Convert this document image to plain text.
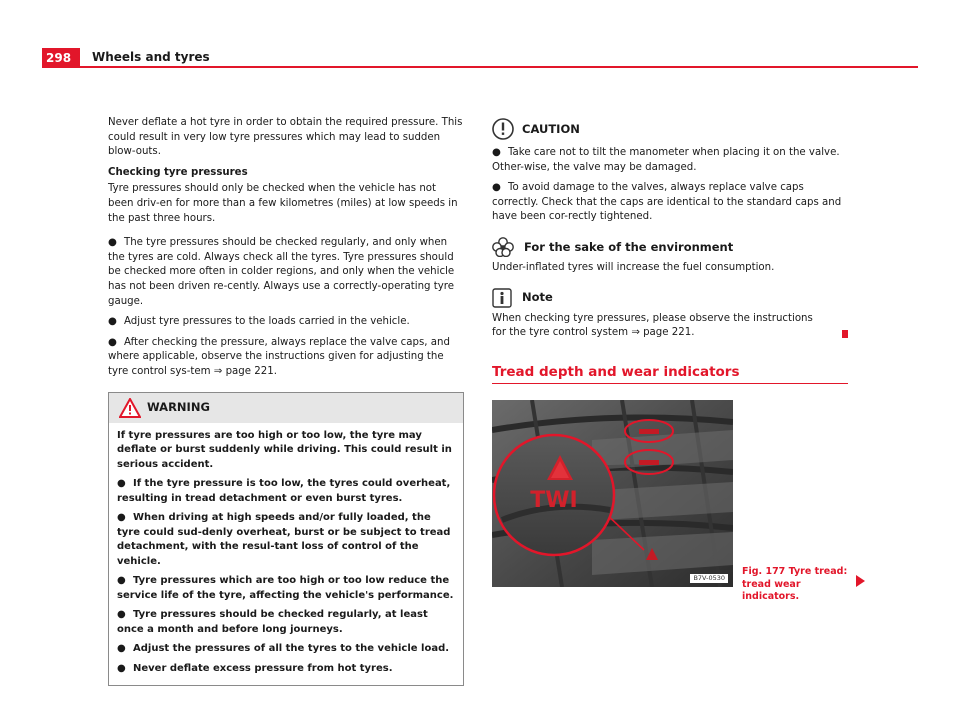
298	Wheels and tyres

Never deflate a hot tyre in order to obtain the required pressure. This could result in very low tyre pressures which may lead to sudden blow-outs.

Checking tyre pressures

Tyre pressures should only be checked when the vehicle has not been driv-en for more than a few kilometres (miles) at low speeds in the past three hours.

● The tyre pressures should be checked regularly, and only when the tyres are cold. Always check all the tyres. Tyre pressures should be checked more often in colder regions, and only when the vehicle has not been driven re-cently. Always use a correctly-operating tyre gauge.

● Adjust tyre pressures to the loads carried in the vehicle.

● After checking the pressure, always replace the valve caps, and where applicable, observe the instructions given for adjusting the tyre control sys-tem ⇒ page 221.

WARNING

If tyre pressures are too high or too low, the tyre may deflate or burst suddenly while driving. This could result in serious accident.

● If the tyre pressure is too low, the tyres could overheat, resulting in tread detachment or even burst tyres.

● When driving at high speeds and/or fully loaded, the tyre could sud-denly overheat, burst or be subject to tread detachment, with the resul-tant loss of control of the vehicle.

● Tyre pressures which are too high or too low reduce the service life of the tyre, affecting the vehicle's performance.

● Tyre pressures should be checked regularly, at least once a month and before long journeys.

● Adjust the pressures of all the tyres to the vehicle load.

● Never deflate excess pressure from hot tyres.

CAUTION

● Take care not to tilt the manometer when placing it on the valve. Other-wise, the valve may be damaged.

● To avoid damage to the valves, always replace valve caps correctly. Check that the caps are identical to the standard caps and have been cor-rectly tightened.

For the sake of the environment

Under-inflated tyres will increase the fuel consumption.

Note

When checking tyre pressures, please observe the instructions for the tyre control system ⇒ page 221.

Tread depth and wear indicators
TWI
B7V-0530
Fig. 177 Tyre tread:
tread wear indicators.
